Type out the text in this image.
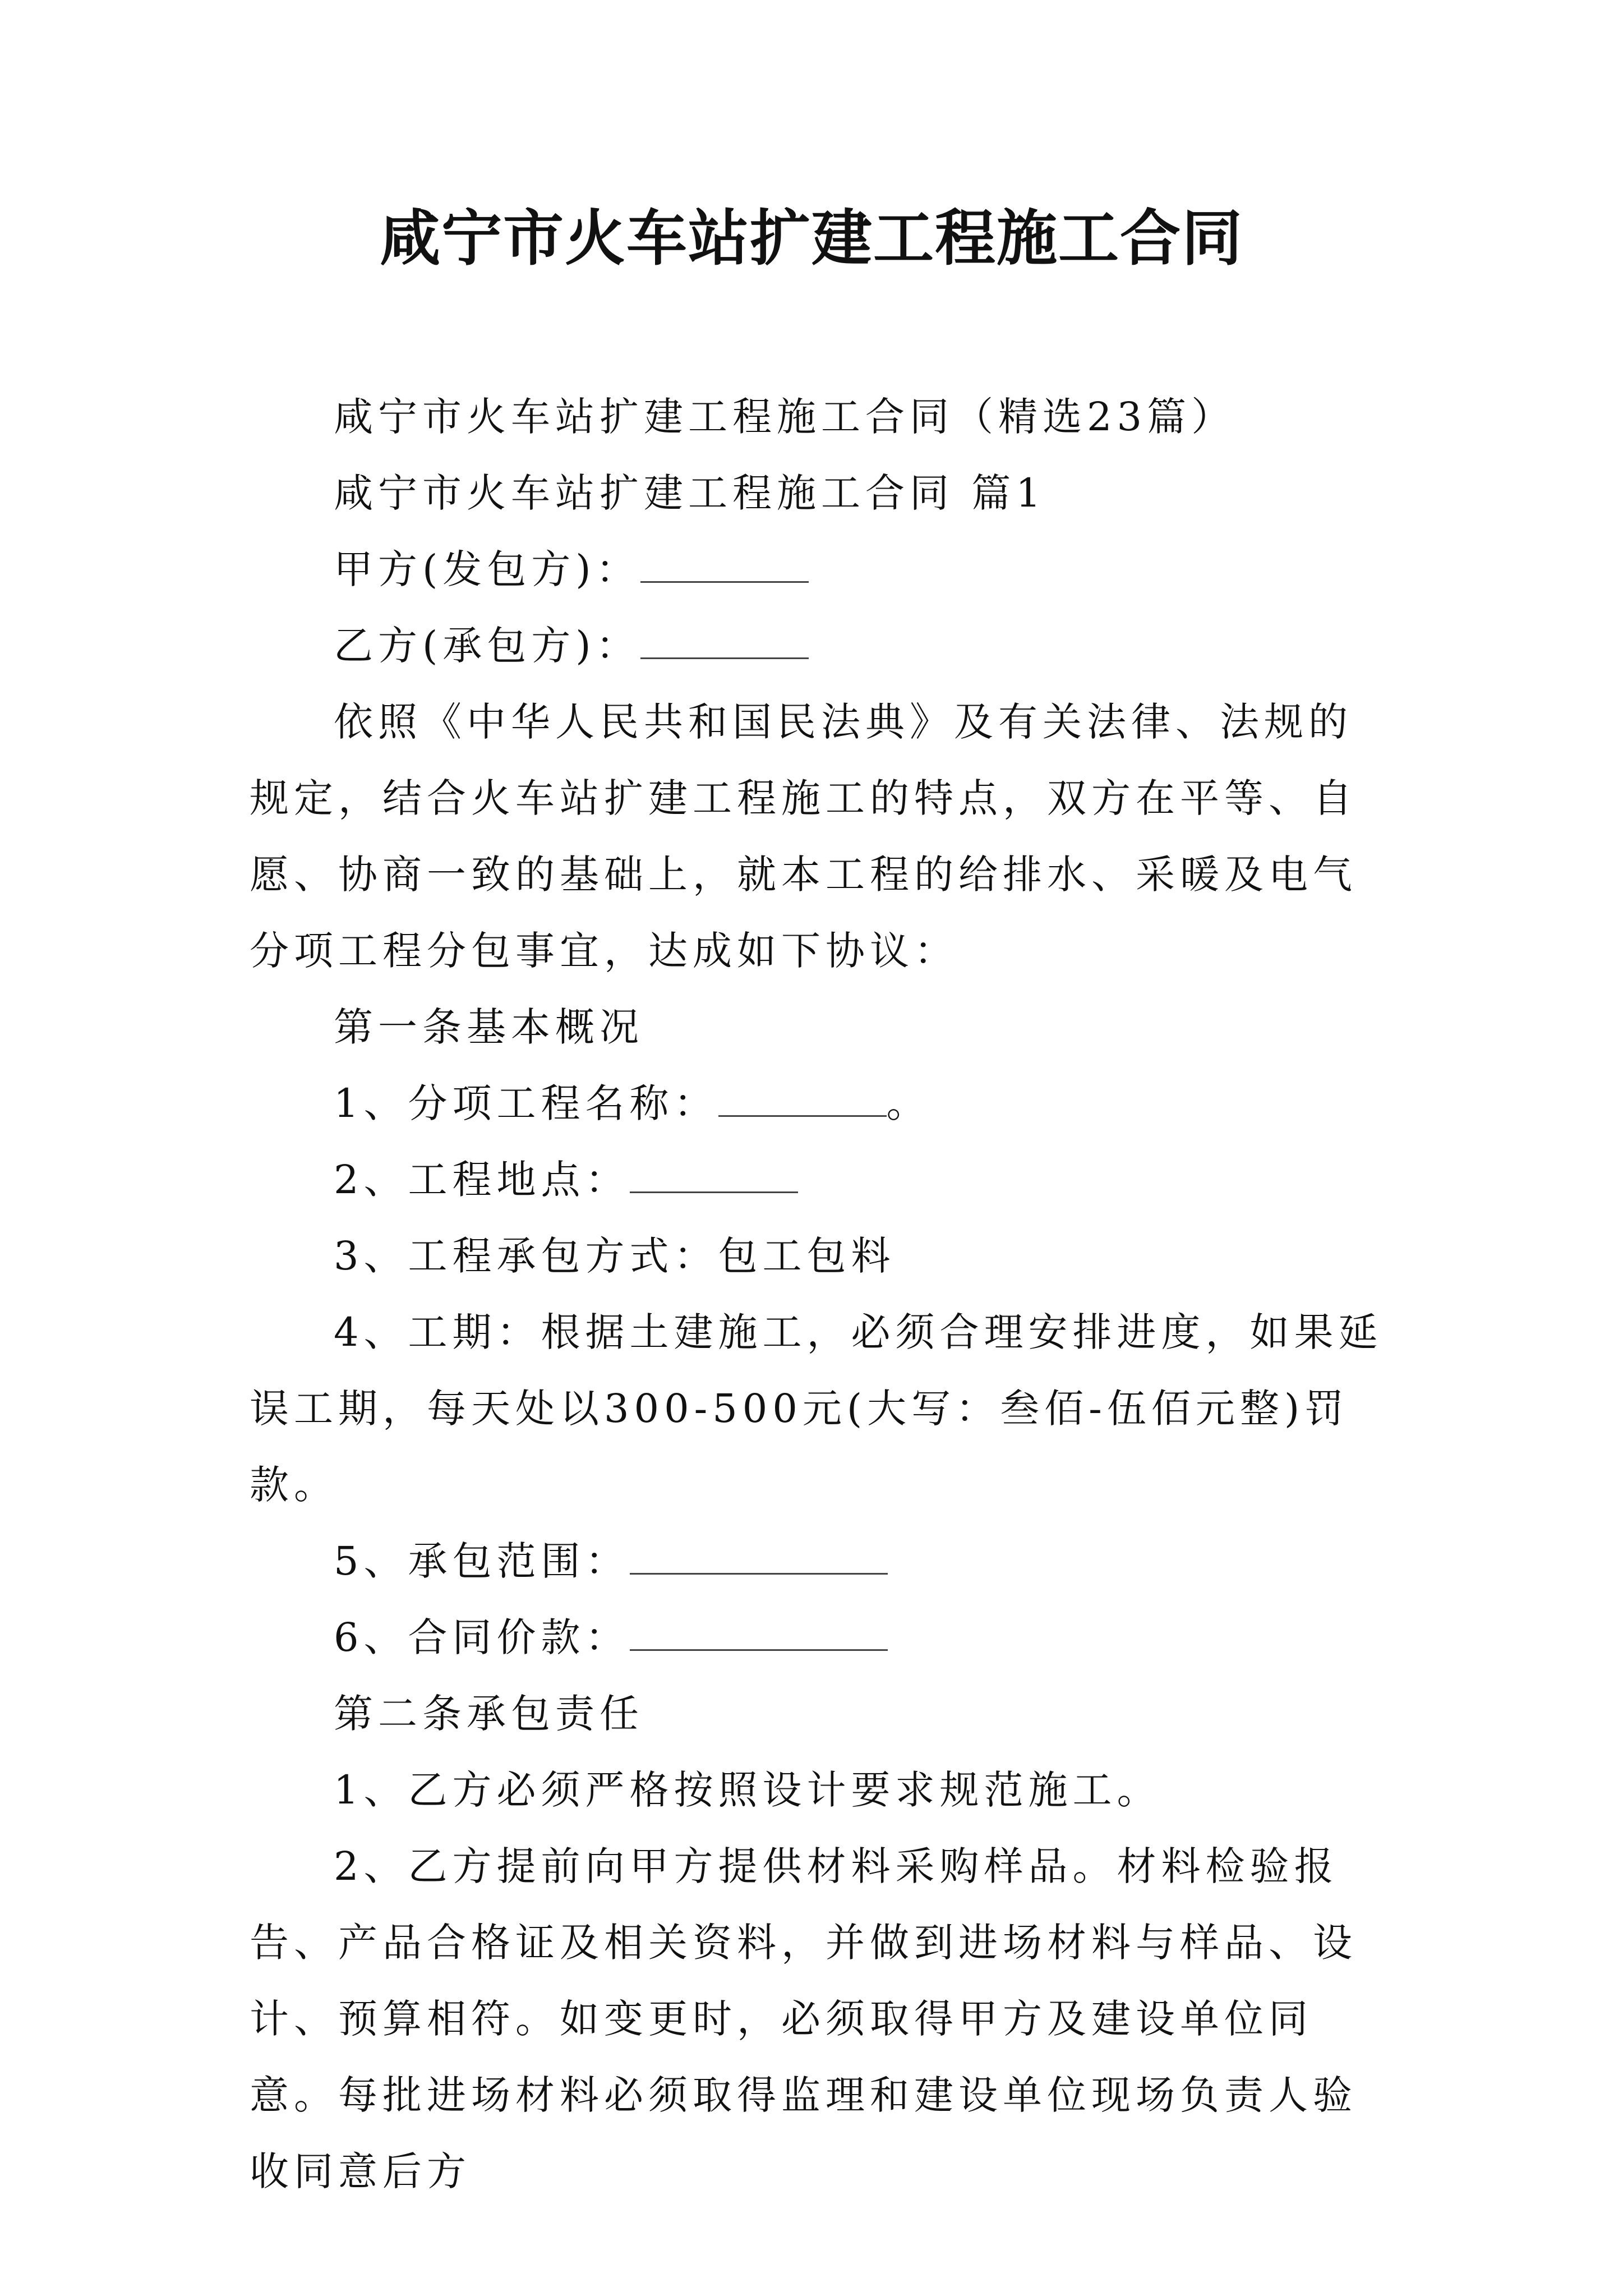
咸宁市火车站扩建工程施工合同

咸宁市火车站扩建工程施工合同（精选23篇）

咸宁市火车站扩建工程施工合同 篇1

甲方(发包方)：

乙方(承包方)：

依照《中华人民共和国民法典》及有关法律、法规的规定，结合火车站扩建工程施工的特点，双方在平等、自愿、协商一致的基础上，就本工程的给排水、采暖及电气分项工程分包事宜，达成如下协议：

第一条基本概况

1、分项工程名称：	。

2、工程地点：

3、工程承包方式：包工包料

4、工期：根据土建施工，必须合理安排进度，如果延误工期，每天处以300-500元(大写：叁佰-伍佰元整)罚款。

5、承包范围：

6、合同价款：

第二条承包责任

1、乙方必须严格按照设计要求规范施工。

2、乙方提前向甲方提供材料采购样品。材料检验报告、产品合格证及相关资料，并做到进场材料与样品、设计、预算相符。如变更时，必须取得甲方及建设单位同意。每批进场材料必须取得监理和建设单位现场负责人验收同意后方
